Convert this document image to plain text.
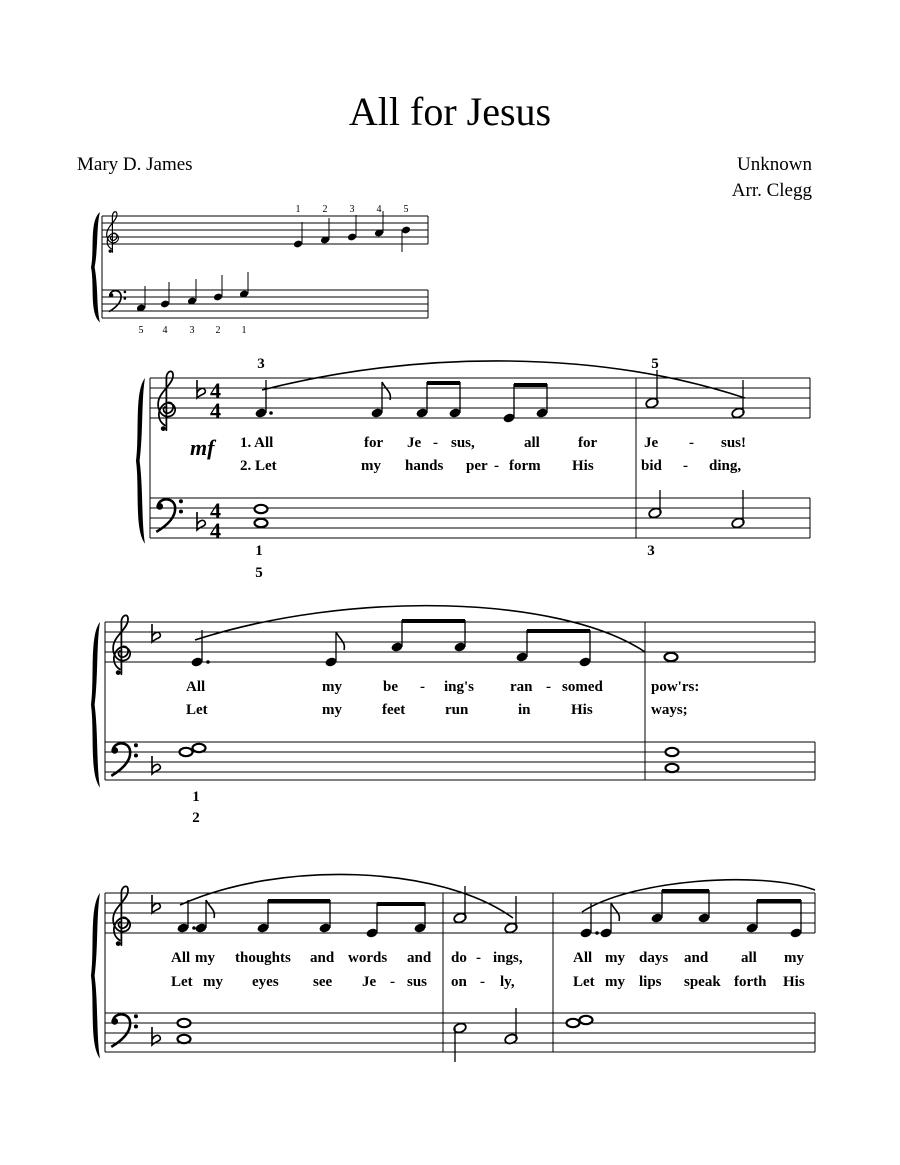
All for Jesus
Mary D. James	Unknown
Arr. Clegg
1 2 3 4 5
5 4 3 2 1
4
4
mf
3	5
1. All	for Je - sus,	all	for	Je - sus!
2. Let	my hands per - form His	bid - ding,
4
4
1
5
3
All	my	be - ing's ran - somed	pow'rs:
Let	my	feet	run	in	His	ways;
1
2
All my thoughts and words and do - ings,	All my days and all my
Let my eyes see Je - sus on - ly,	Let my lips speak forth His
